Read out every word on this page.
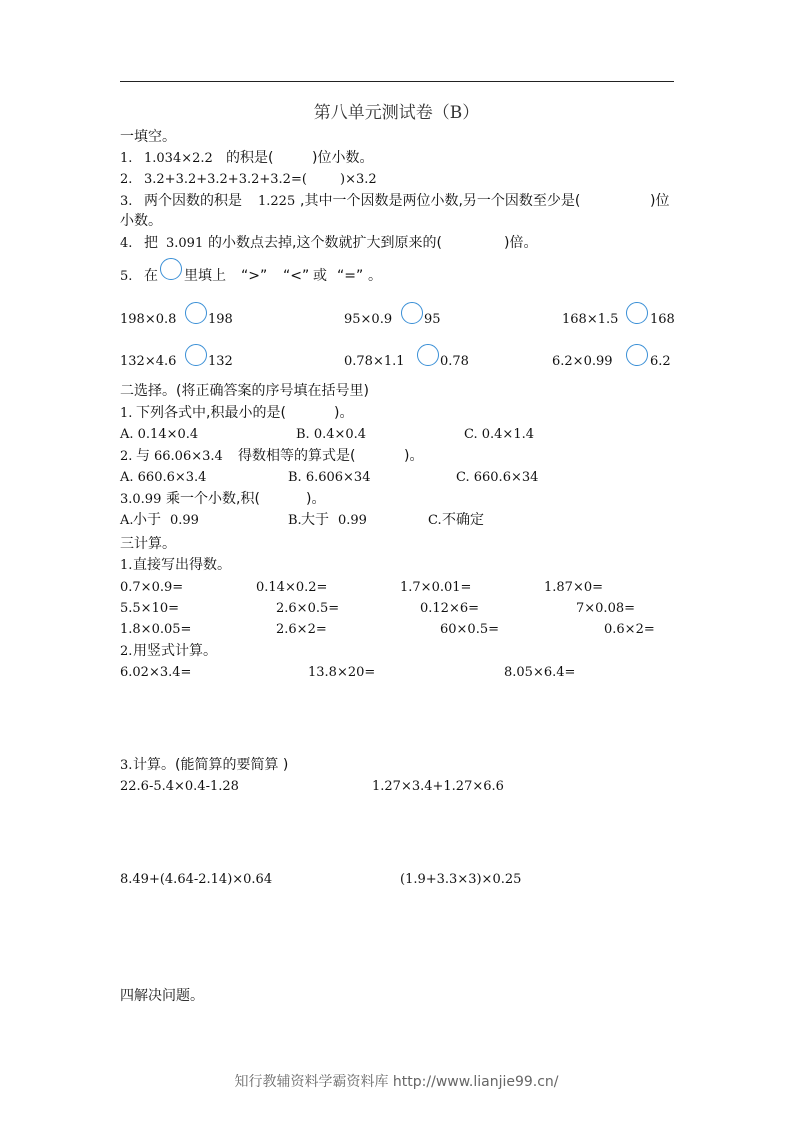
第八单元测试卷（B）
一填空。
1. 1.034×2.2 的积是(	)位小数。
2. 3.2+3.2+3.2+3.2+3.2=(	)×3.2
3. 两个因数的积是 1.225 ,其中一个因数是两位小数,另一个因数至少是(	)位
小数。
4. 把 3.091 的小数点去掉,这个数就扩大到原来的(	)倍。
5. 在 里填上 “>” “<” 或 “=” 。
198×0.8 198	95×0.9 95	168×1.5 168
132×4.6 132	0.78×1.1	0.78	6.2×0.99	6.2
二选择。(将正确答案的序号填在括号里)
1. 下列各式中,积最小的是(	)。
A. 0.14×0.4	B. 0.4×0.4	C. 0.4×1.4
2. 与 66.06×3.4 得数相等的算式是(	)。
A. 660.6×3.4	B. 6.606×34	C. 660.6×34
3.0.99 乘一个小数,积(	)。
A. 小于 0.99	B. 大于 0.99	C. 不确定
三计算。
1. 直接写出得数。
0.7×0.9=	0.14×0.2=	1.7×0.01=	1.87×0=
5.5×10=	2.6×0.5=	0.12×6=	7×0.08=
1.8×0.05=	2.6×2=	60×0.5=	0.6×2=
2. 用竖式计算。
6.02×3.4=	13.8×20=	8.05×6.4=
3. 计算。(能简算的要简算 )
22.6-5.4×0.4-1.28	1.27×3.4+1.27×6.6
8.49+(4.64-2.14)×0.64	(1.9+3.3×3)×0.25
四解决问题。
知行教辅资料学霸资料库 http://www.lianjie99.cn/
